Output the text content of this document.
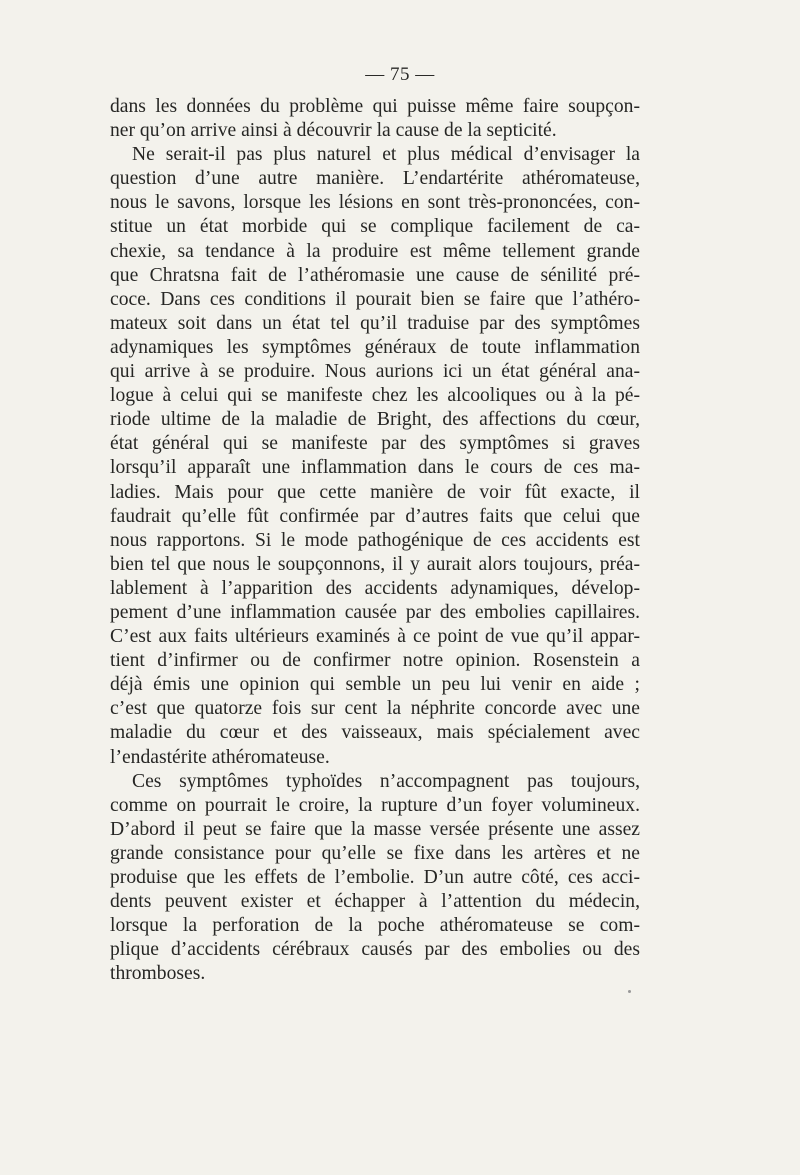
— 75 —
dans les données du problème qui puisse même faire soupçon-
ner qu’on arrive ainsi à découvrir la cause de la septicité.
Ne serait-il pas plus naturel et plus médical d’envisager la
question d’une autre manière. L’endartérite athéromateuse,
nous le savons, lorsque les lésions en sont très-prononcées, con-
stitue un état morbide qui se complique facilement de ca-
chexie, sa tendance à la produire est même tellement grande
que Chratsna fait de l’athéromasie une cause de sénilité pré-
coce. Dans ces conditions il pourait bien se faire que l’athéro-
mateux soit dans un état tel qu’il traduise par des symptômes
adynamiques les symptômes généraux de toute inflammation
qui arrive à se produire. Nous aurions ici un état général ana-
logue à celui qui se manifeste chez les alcooliques ou à la pé-
riode ultime de la maladie de Bright, des affections du cœur,
état général qui se manifeste par des symptômes si graves
lorsqu’il apparaît une inflammation dans le cours de ces ma-
ladies. Mais pour que cette manière de voir fût exacte, il
faudrait qu’elle fût confirmée par d’autres faits que celui que
nous rapportons. Si le mode pathogénique de ces accidents est
bien tel que nous le soupçonnons, il y aurait alors toujours, préa-
lablement à l’apparition des accidents adynamiques, dévelop-
pement d’une inflammation causée par des embolies capillaires.
C’est aux faits ultérieurs examinés à ce point de vue qu’il appar-
tient d’infirmer ou de confirmer notre opinion. Rosenstein a
déjà émis une opinion qui semble un peu lui venir en aide ;
c’est que quatorze fois sur cent la néphrite concorde avec une
maladie du cœur et des vaisseaux, mais spécialement avec
l’endastérite athéromateuse.
Ces symptômes typhoïdes n’accompagnent pas toujours,
comme on pourrait le croire, la rupture d’un foyer volumineux.
D’abord il peut se faire que la masse versée présente une assez
grande consistance pour qu’elle se fixe dans les artères et ne
produise que les effets de l’embolie. D’un autre côté, ces acci-
dents peuvent exister et échapper à l’attention du médecin,
lorsque la perforation de la poche athéromateuse se com-
plique d’accidents cérébraux causés par des embolies ou des
thromboses.
